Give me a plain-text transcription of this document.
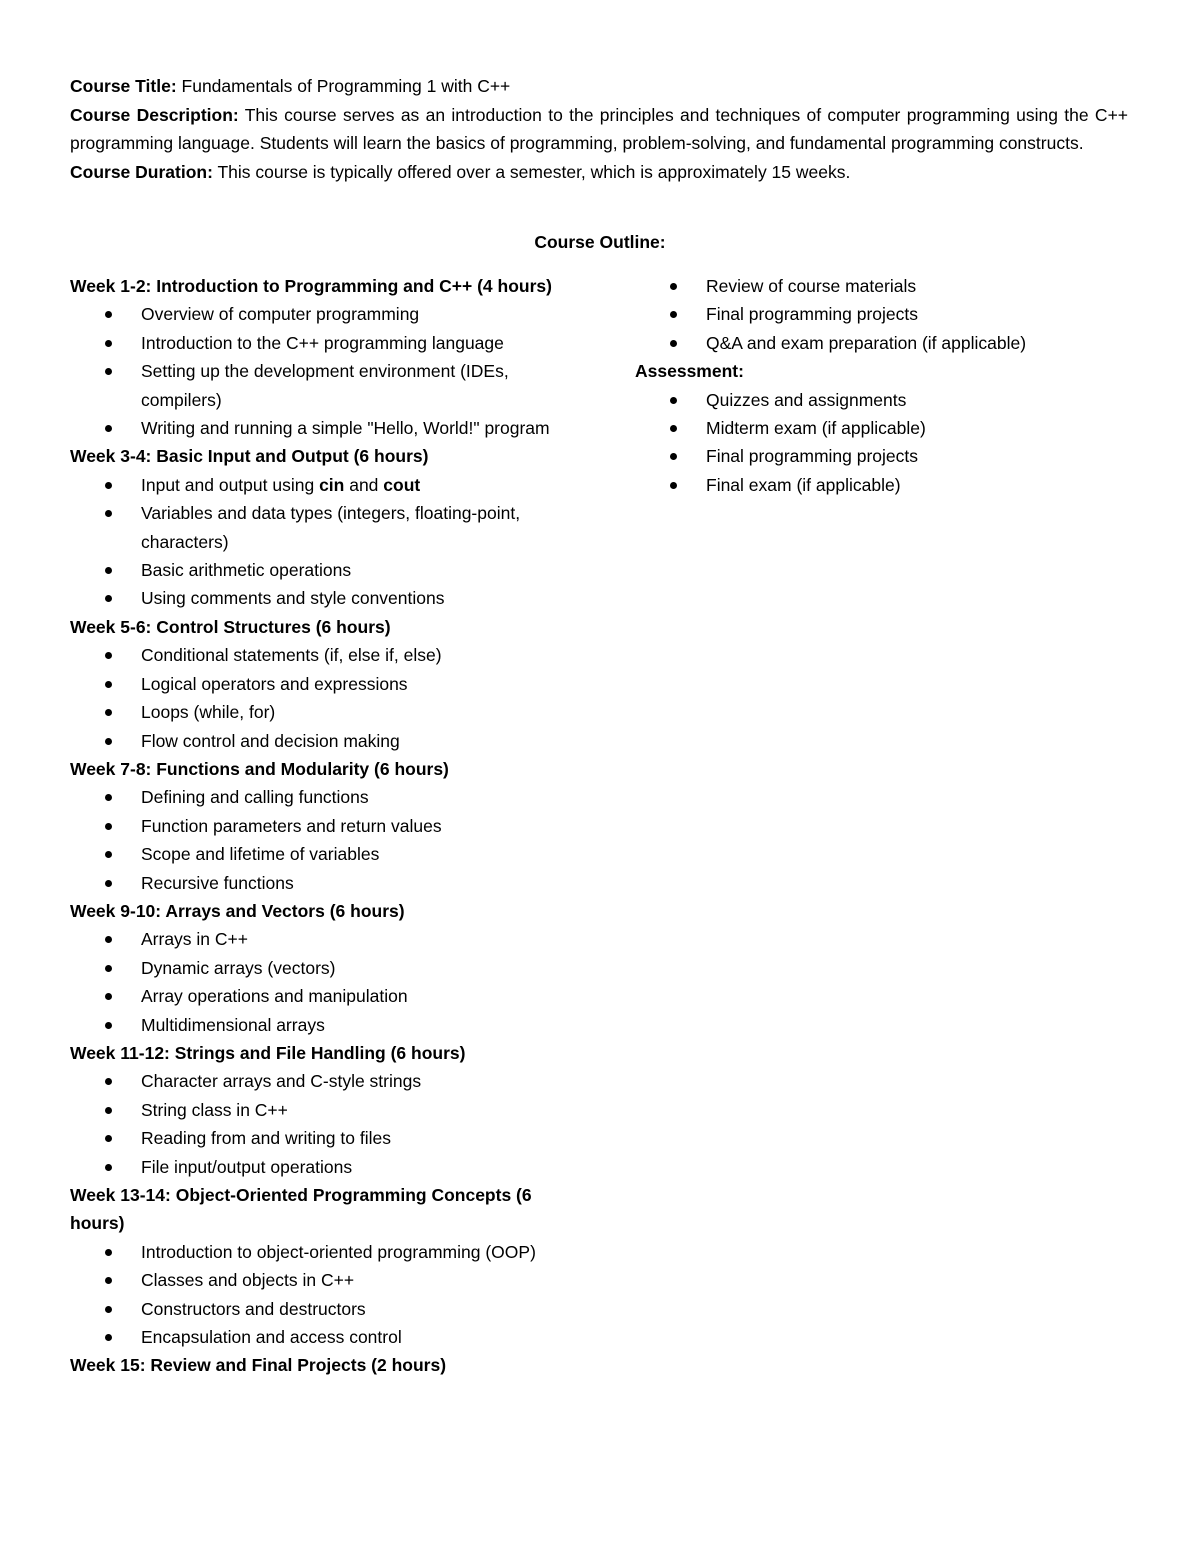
Course Title: Fundamentals of Programming 1 with C++

Course Description: This course serves as an introduction to the principles and techniques of computer programming using the C++ programming language. Students will learn the basics of programming, problem-solving, and fundamental programming constructs.

Course Duration: This course is typically offered over a semester, which is approximately 15 weeks.

Course Outline:

Week 1-2: Introduction to Programming and C++ (4 hours)

Overview of computer programming
Introduction to the C++ programming language
Setting up the development environment (IDEs, compilers)
Writing and running a simple "Hello, World!" program

Week 3-4: Basic Input and Output (6 hours)

Input and output using cin and cout
Variables and data types (integers, floating-point, characters)
Basic arithmetic operations
Using comments and style conventions

Week 5-6: Control Structures (6 hours)

Conditional statements (if, else if, else)
Logical operators and expressions
Loops (while, for)
Flow control and decision making

Week 7-8: Functions and Modularity (6 hours)

Defining and calling functions
Function parameters and return values
Scope and lifetime of variables
Recursive functions

Week 9-10: Arrays and Vectors (6 hours)

Arrays in C++
Dynamic arrays (vectors)
Array operations and manipulation
Multidimensional arrays

Week 11-12: Strings and File Handling (6 hours)

Character arrays and C-style strings
String class in C++
Reading from and writing to files
File input/output operations

Week 13-14: Object-Oriented Programming Concepts (6 hours)

Introduction to object-oriented programming (OOP)
Classes and objects in C++
Constructors and destructors
Encapsulation and access control

Week 15: Review and Final Projects (2 hours)

Review of course materials
Final programming projects
Q&A and exam preparation (if applicable)

Assessment:

Quizzes and assignments
Midterm exam (if applicable)
Final programming projects
Final exam (if applicable)
